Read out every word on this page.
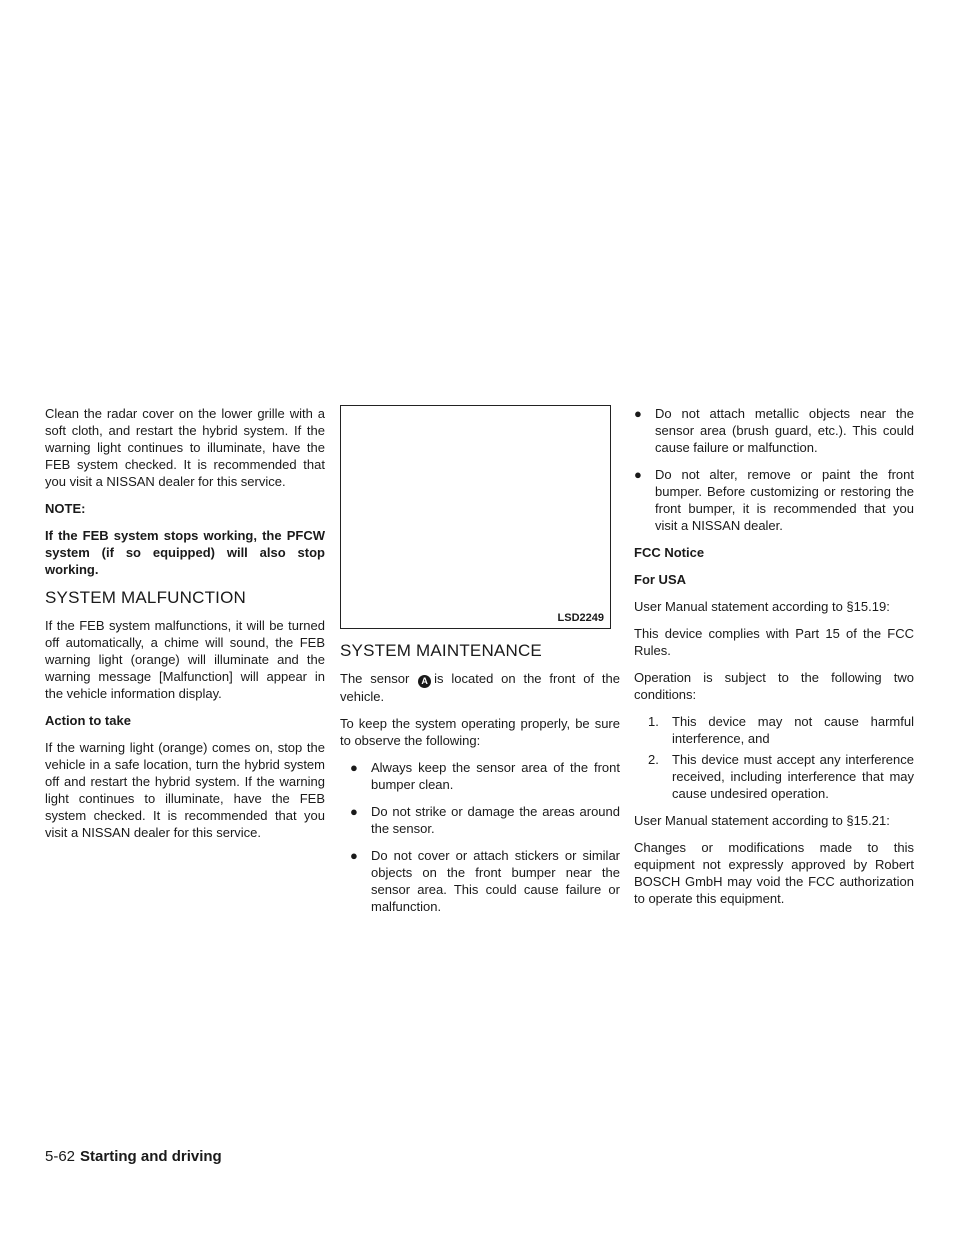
Clean the radar cover on the lower grille with a soft cloth, and restart the hybrid system. If the warning light continues to illuminate, have the FEB system checked. It is recommended that you visit a NISSAN dealer for this service.

NOTE:

If the FEB system stops working, the PFCW system (if so equipped) will also stop working.

SYSTEM MALFUNCTION

If the FEB system malfunctions, it will be turned off automatically, a chime will sound, the FEB warning light (orange) will illuminate and the warning message [Malfunction] will appear in the vehicle information display.

Action to take

If the warning light (orange) comes on, stop the vehicle in a safe location, turn the hybrid system off and restart the hybrid system. If the warning light continues to illuminate, have the FEB system checked. It is recommended that you visit a NISSAN dealer for this service.

LSD2249
SYSTEM MAINTENANCE

The sensor A is located on the front of the vehicle.

To keep the system operating properly, be sure to observe the following:

● Always keep the sensor area of the front bumper clean.
● Do not strike or damage the areas around the sensor.
● Do not cover or attach stickers or similar objects on the front bumper near the sensor area. This could cause failure or malfunction.
● Do not attach metallic objects near the sensor area (brush guard, etc.). This could cause failure or malfunction.
● Do not alter, remove or paint the front bumper. Before customizing or restoring the front bumper, it is recommended that you visit a NISSAN dealer.

FCC Notice

For USA

User Manual statement according to §15.19:

This device complies with Part 15 of the FCC Rules.

Operation is subject to the following two conditions:

1. This device may not cause harmful interference, and
2. This device must accept any interference received, including interference that may cause undesired operation.

User Manual statement according to §15.21:

Changes or modifications made to this equipment not expressly approved by Robert BOSCH GmbH may void the FCC authorization to operate this equipment.

5-62 Starting and driving
